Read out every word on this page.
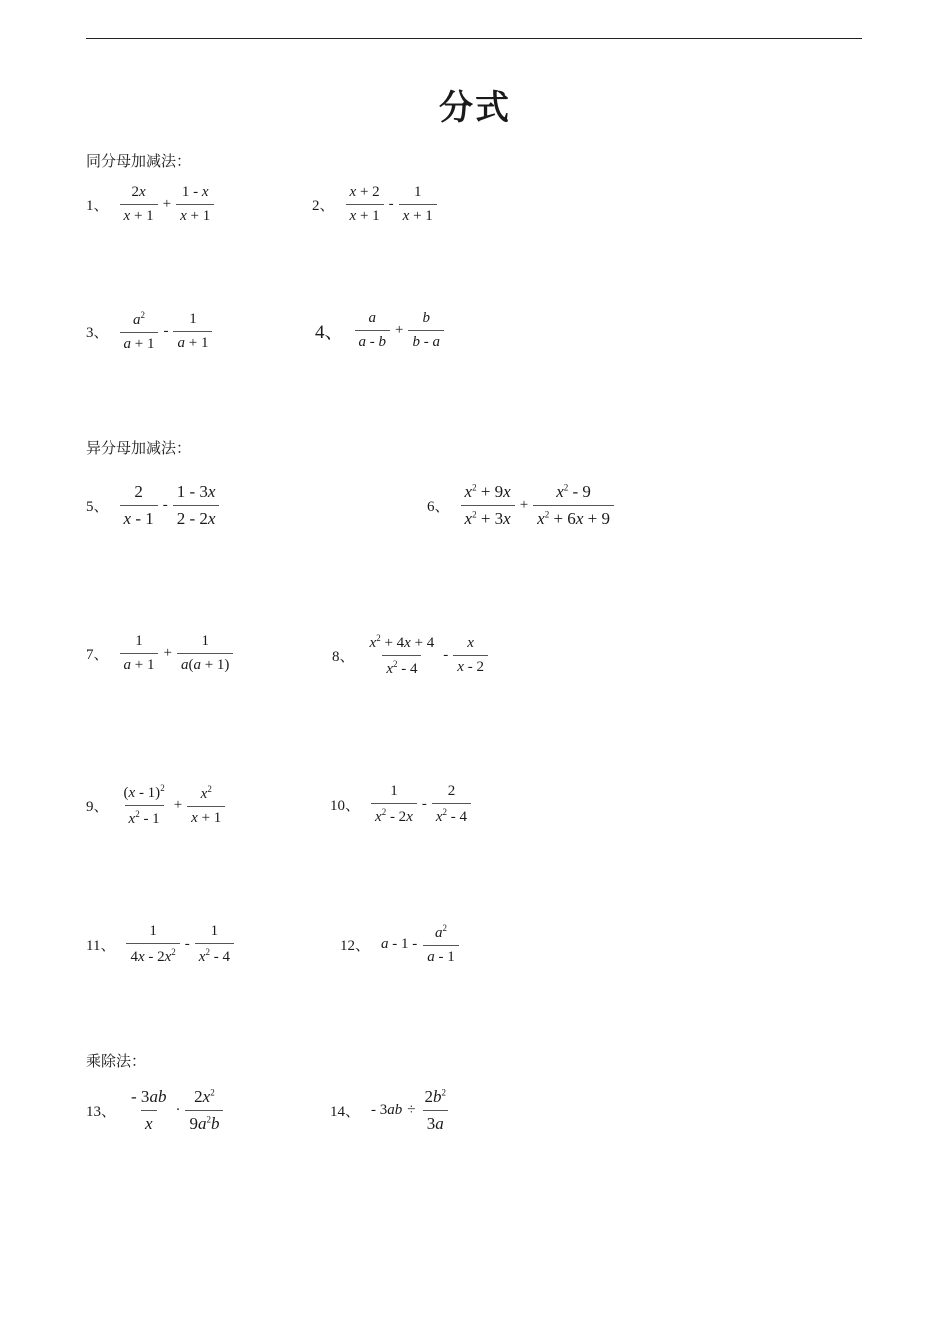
分式
同分母加减法：
1、 $\frac{2x}{x + 1} + \frac{1 - x}{x + 1}$	2、 $\frac{x + 2}{x + 1} - \frac{1}{x + 1}$
3、 $\frac{a^2}{a + 1} - \frac{1}{a + 1}$	4、 $\frac{a}{a - b} + \frac{b}{b - a}$
异分母加减法：
5、 $\frac{2}{x - 1} - \frac{1 - 3x}{2 - 2x}$	6、 $\frac{x^2 + 9x}{x^2 + 3x} + \frac{x^2 - 9}{x^2 + 6x + 9}$
7、 $\frac{1}{a + 1} + \frac{1}{a(a + 1)}$	8、 $\frac{x^2 + 4x + 4}{x^2 - 4} - \frac{x}{x - 2}$
9、 $\frac{(x - 1)^2}{x^2 - 1} + \frac{x^2}{x + 1}$	10、 $\frac{1}{x^2 - 2x} - \frac{2}{x^2 - 4}$
11、 $\frac{1}{4x - 2x^2} - \frac{1}{x^2 - 4}$	12、 a - $1 - \frac{a^2}{a - 1}$
乘除法：
13、 $\frac{- 3ab}{x} \cdot \frac{2x^2}{9a^2b}$	14、 - $3ab \div \frac{2b^2}{3a}$
